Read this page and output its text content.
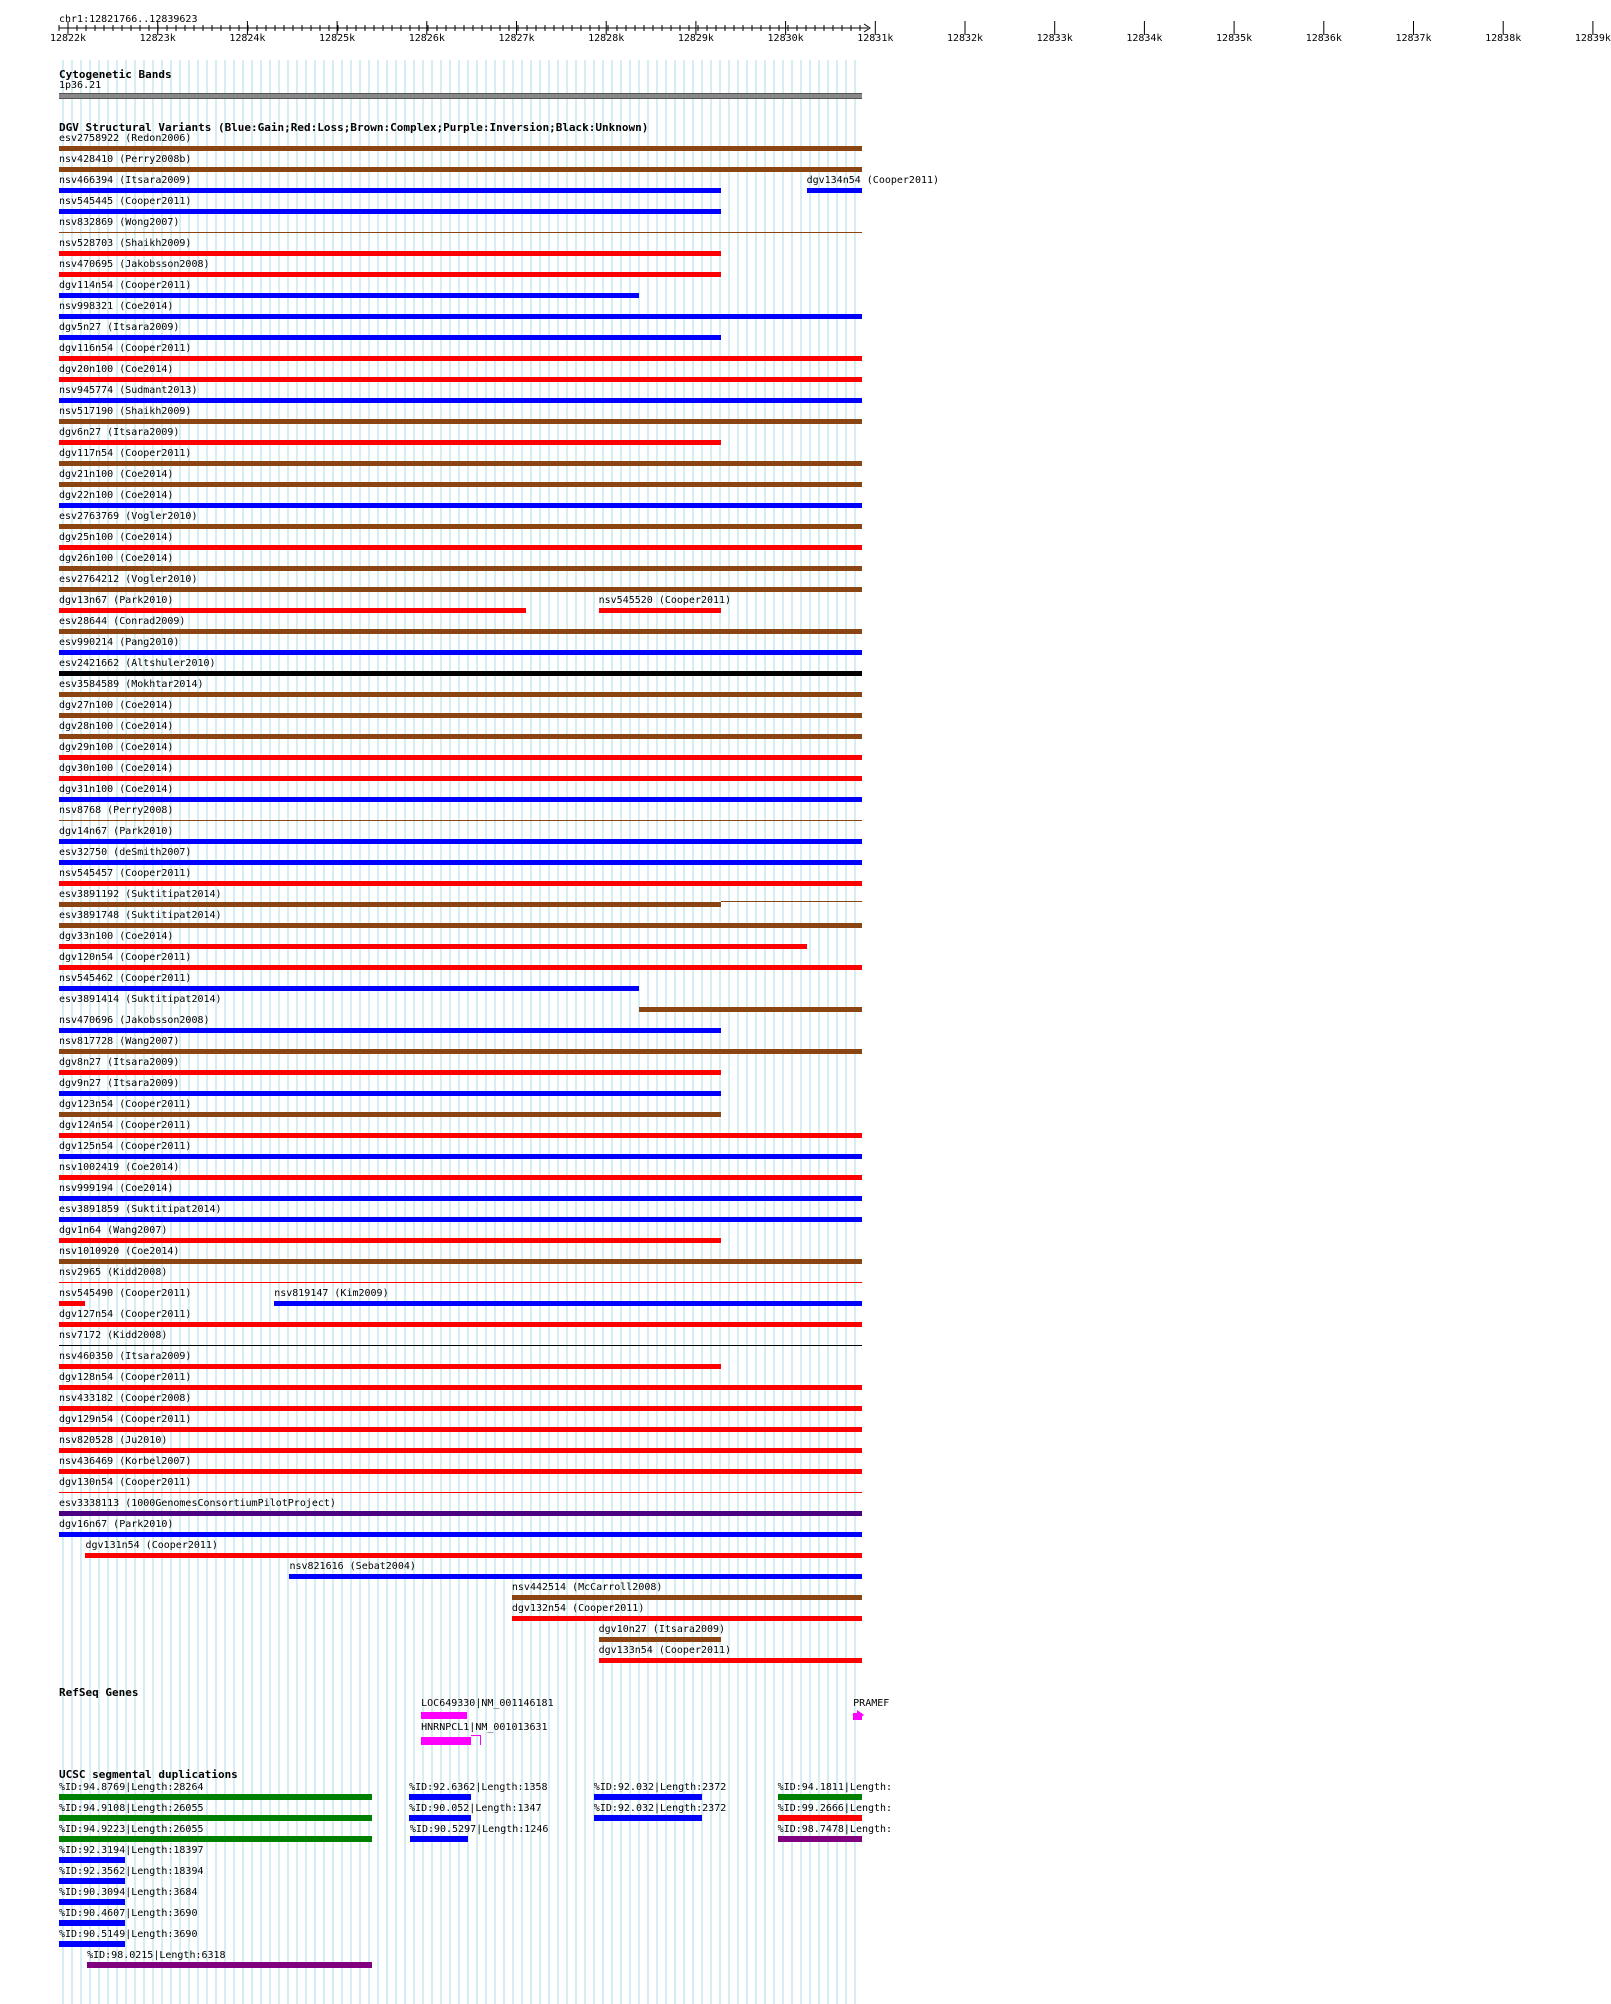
chr1:12821766..12839623
12822k	12823k	12824k	12825k	12826k	12827k	12828k	12829k	12830k	12831k	12832k	12833k	12834k	12835k	12836k	12837k	12838k	12839k
Cytogenetic Bands
1p36.21
DGV Structural Variants (Blue:Gain;Red:Loss;Brown:Complex;Purple:Inversion;Black:Unknown)
esv2758922 (Redon2006)
nsv428410 (Perry2008b)
nsv466394 (Itsara2009)	dgv134n54 (Cooper2011)
nsv545445 (Cooper2011)
nsv832869 (Wong2007)
nsv528703 (Shaikh2009)
nsv470695 (Jakobsson2008)
dgv114n54 (Cooper2011)
nsv998321 (Coe2014)
dgv5n27 (Itsara2009)
dgv116n54 (Cooper2011)
dgv20n100 (Coe2014)
nsv945774 (Sudmant2013)
nsv517190 (Shaikh2009)
dgv6n27 (Itsara2009)
dgv117n54 (Cooper2011)
dgv21n100 (Coe2014)
dgv22n100 (Coe2014)
esv2763769 (Vogler2010)
dgv25n100 (Coe2014)
dgv26n100 (Coe2014)
esv2764212 (Vogler2010)
dgv13n67 (Park2010)	nsv545520 (Cooper2011)
esv28644 (Conrad2009)
esv990214 (Pang2010)
esv2421662 (Altshuler2010)
esv3584589 (Mokhtar2014)
dgv27n100 (Coe2014)
dgv28n100 (Coe2014)
dgv29n100 (Coe2014)
dgv30n100 (Coe2014)
dgv31n100 (Coe2014)
nsv8768 (Perry2008)
dgv14n67 (Park2010)
esv32750 (deSmith2007)
nsv545457 (Cooper2011)
esv3891192 (Suktitipat2014)
esv3891748 (Suktitipat2014)
dgv33n100 (Coe2014)
dgv120n54 (Cooper2011)
nsv545462 (Cooper2011)
esv3891414 (Suktitipat2014)
nsv470696 (Jakobsson2008)
nsv817728 (Wang2007)
dgv8n27 (Itsara2009)
dgv9n27 (Itsara2009)
dgv123n54 (Cooper2011)
dgv124n54 (Cooper2011)
dgv125n54 (Cooper2011)
nsv1002419 (Coe2014)
nsv999194 (Coe2014)
esv3891859 (Suktitipat2014)
dgv1n64 (Wang2007)
nsv1010920 (Coe2014)
nsv2965 (Kidd2008)
nsv545490 (Cooper2011)	nsv819147 (Kim2009)
dgv127n54 (Cooper2011)
nsv7172 (Kidd2008)
nsv460350 (Itsara2009)
dgv128n54 (Cooper2011)
nsv433182 (Cooper2008)
dgv129n54 (Cooper2011)
nsv820528 (Ju2010)
nsv436469 (Korbel2007)
dgv130n54 (Cooper2011)
esv3338113 (1000GenomesConsortiumPilotProject)
dgv16n67 (Park2010)
dgv131n54 (Cooper2011)
nsv821616 (Sebat2004)
nsv442514 (McCarroll2008)
dgv132n54 (Cooper2011)
dgv10n27 (Itsara2009)
dgv133n54 (Cooper2011)
RefSeq Genes
LOC649330|NM_001146181
HNRNPCL1|NM_001013631
PRAMEF
UCSC segmental duplications
%ID:94.8769|Length:28264
%ID:94.9108|Length:26055
%ID:94.9223|Length:26055
%ID:92.3194|Length:18397
%ID:92.3562|Length:18394
%ID:90.3094|Length:3684
%ID:90.4607|Length:3690
%ID:90.5149|Length:3690
%ID:98.0215|Length:6318
%ID:92.6362|Length:1358
%ID:90.052|Length:1347
%ID:90.5297|Length:1246
%ID:92.032|Length:2372
%ID:92.032|Length:2372
%ID:94.1811|Length:
%ID:99.2666|Length:
%ID:98.7478|Length:
